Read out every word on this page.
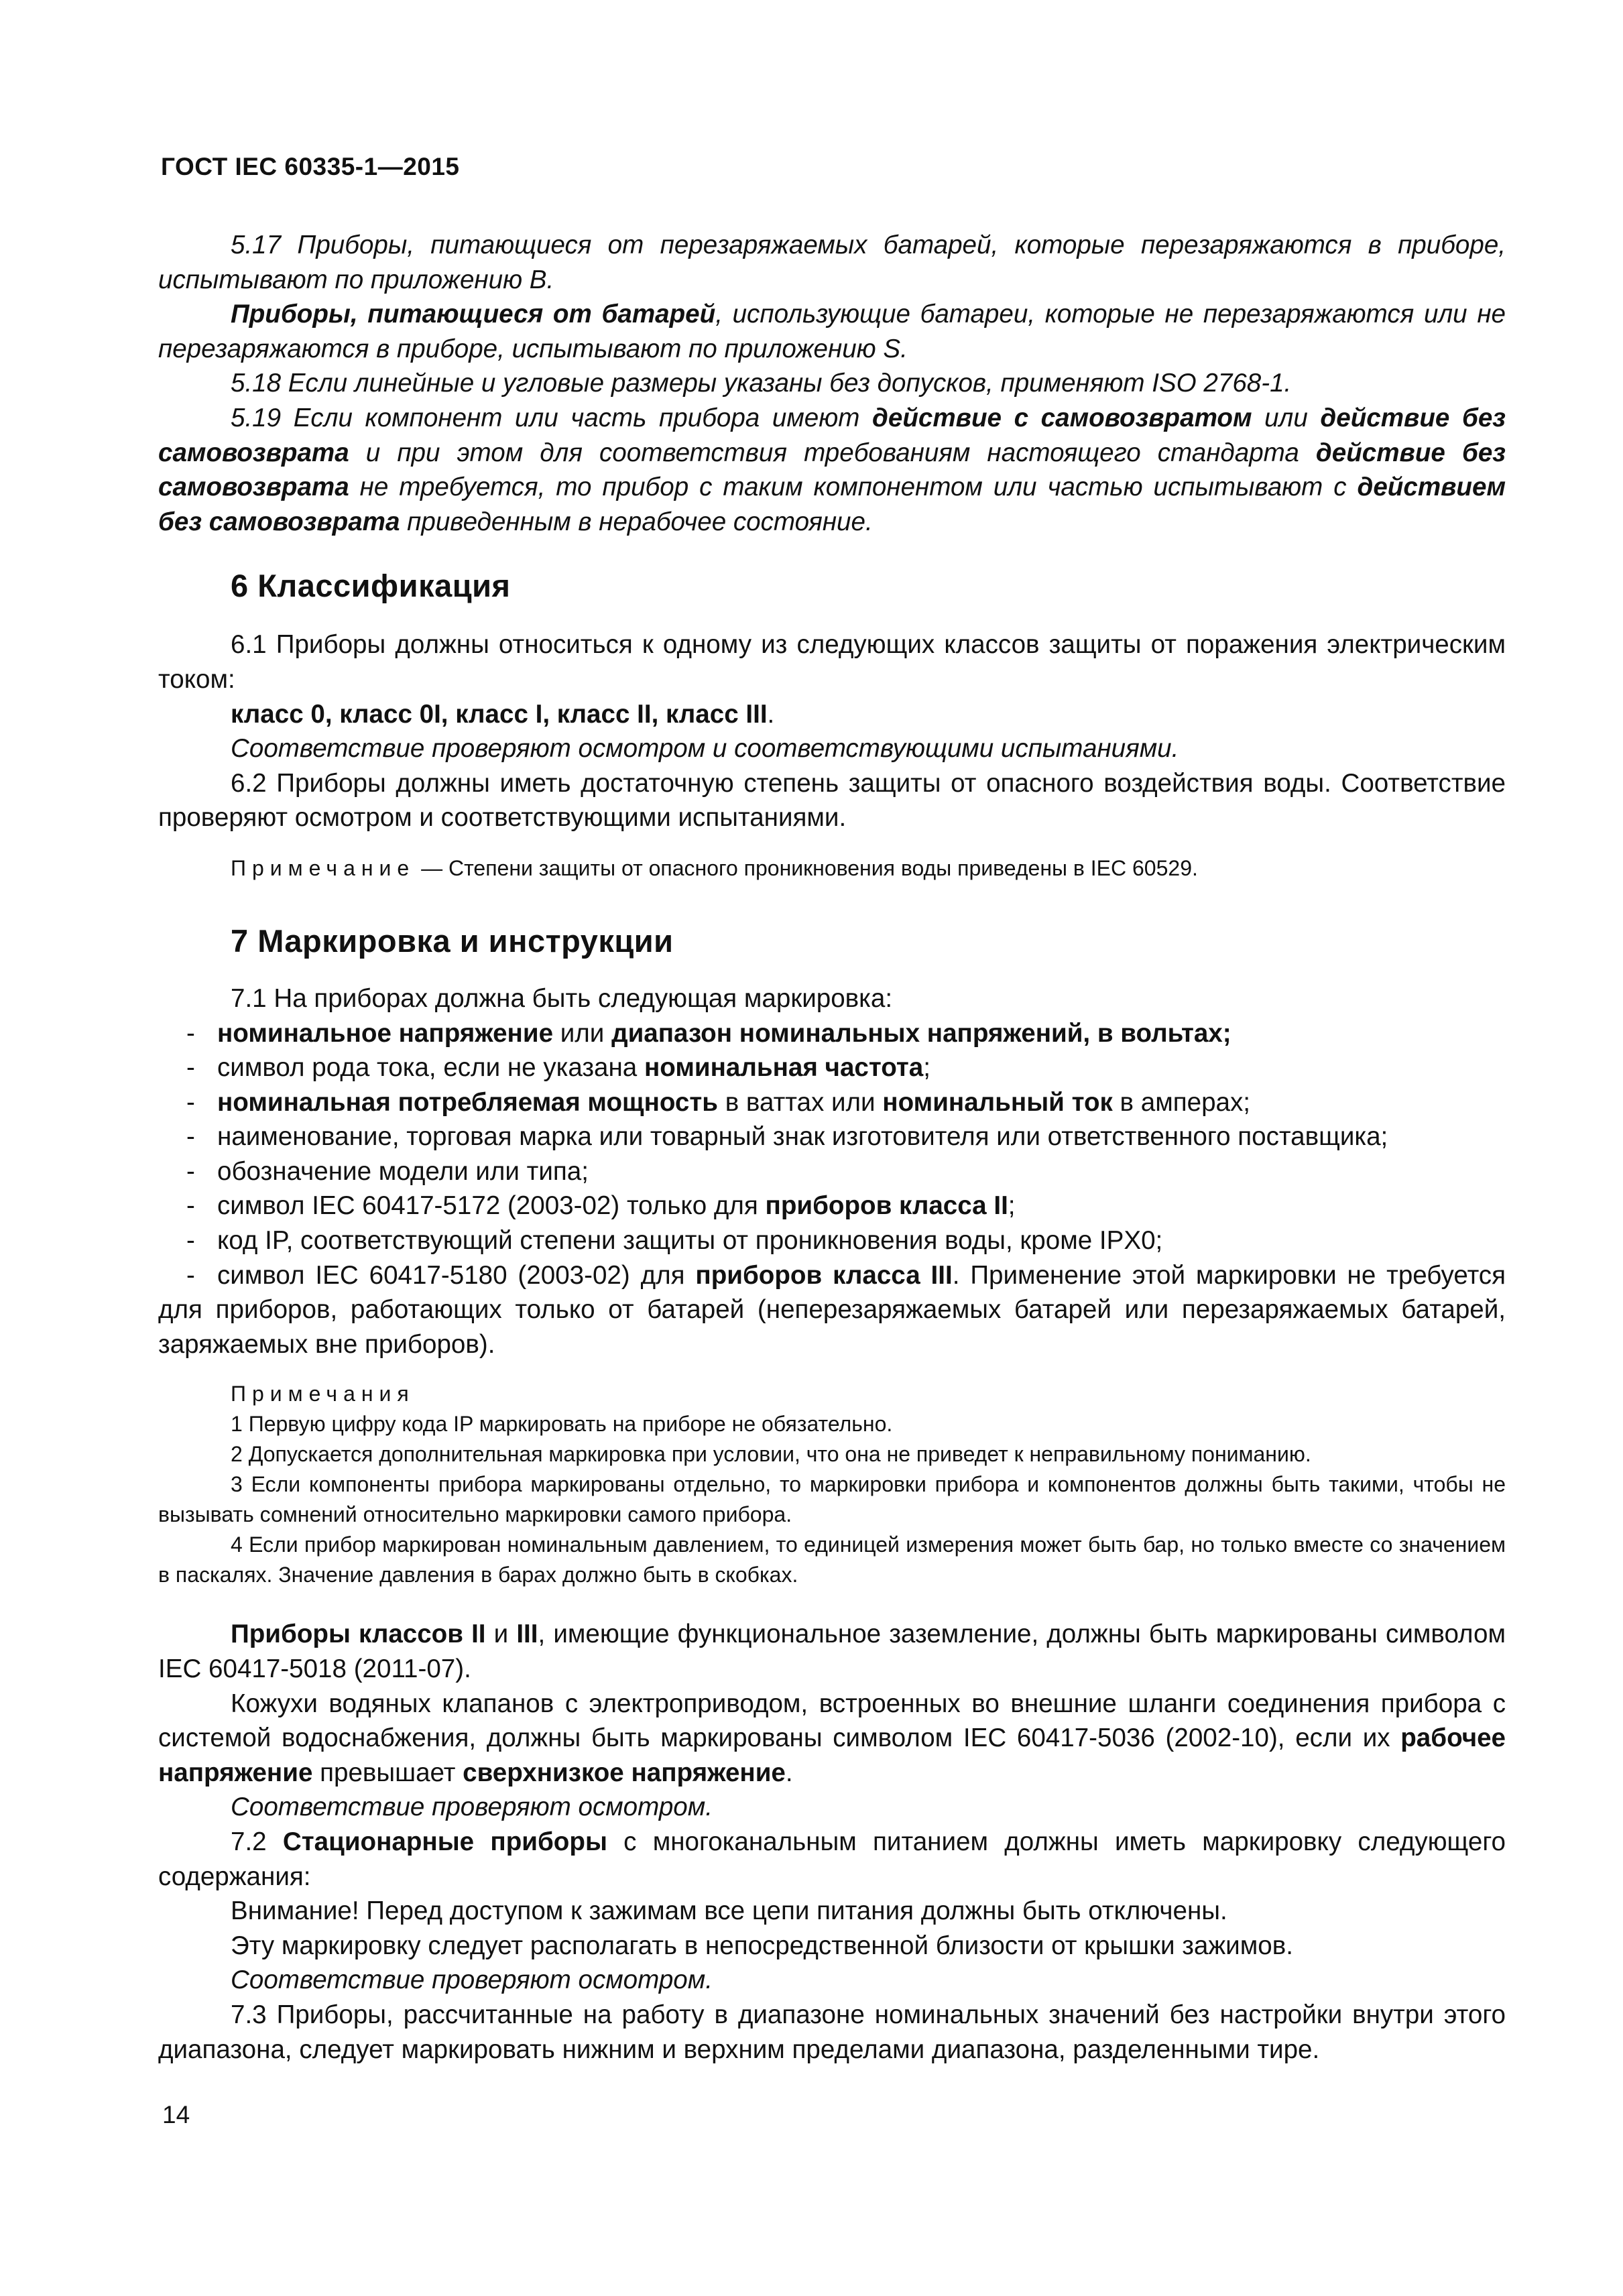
ГОСТ IEC 60335-1—2015

5.17 Приборы, питающиеся от перезаряжаемых батарей, которые перезаряжаются в приборе, испытывают по приложению В.

Приборы, питающиеся от батарей, использующие батареи, которые не перезаряжаются или не перезаряжаются в приборе, испытывают по приложению S.

5.18 Если линейные и угловые размеры указаны без допусков, применяют ISO 2768-1.

5.19 Если компонент или часть прибора имеют действие с самовозвратом или действие без самовозврата и при этом для соответствия требованиям настоящего стандарта действие без самовозврата не требуется, то прибор с таким компонентом или частью испытывают с действием без самовозврата приведенным в нерабочее состояние.

6 Классификация

6.1 Приборы должны относиться к одному из следующих классов защиты от поражения электрическим током:

класс 0, класс 0I, класс I, класс II, класс III.

Соответствие проверяют осмотром и соответствующими испытаниями.

6.2 Приборы должны иметь достаточную степень защиты от опасного воздействия воды. Соответствие проверяют осмотром и соответствующими испытаниями.

Примечание — Степени защиты от опасного проникновения воды приведены в IEC 60529.
7 Маркировка и инструкции

7.1 На приборах должна быть следующая маркировка:

- номинальное напряжение или диапазон номинальных напряжений, в вольтах;
- символ рода тока, если не указана номинальная частота;
- номинальная потребляемая мощность в ваттах или номинальный ток в амперах;
- наименование, торговая марка или товарный знак изготовителя или ответственного поставщика;
- обозначение модели или типа;
- символ IEC 60417-5172 (2003-02) только для приборов класса II;
- код IP, соответствующий степени защиты от проникновения воды, кроме IPX0;
- символ IEC 60417-5180 (2003-02) для приборов класса III. Применение этой маркировки не требуется для приборов, работающих только от батарей (неперезаряжаемых батарей или перезаряжаемых батарей, заряжаемых вне приборов).

Примечания

1 Первую цифру кода IP маркировать на приборе не обязательно.

2 Допускается дополнительная маркировка при условии, что она не приведет к неправильному пониманию.

3 Если компоненты прибора маркированы отдельно, то маркировки прибора и компонентов должны быть такими, чтобы не вызывать сомнений относительно маркировки самого прибора.

4 Если прибор маркирован номинальным давлением, то единицей измерения может быть бар, но только вместе со значением в паскалях. Значение давления в барах должно быть в скобках.

Приборы классов II и III, имеющие функциональное заземление, должны быть маркированы символом IEC 60417-5018 (2011-07).

Кожухи водяных клапанов с электроприводом, встроенных во внешние шланги соединения прибора с системой водоснабжения, должны быть маркированы символом IEC 60417-5036 (2002-10), если их рабочее напряжение превышает сверхнизкое напряжение.

Соответствие проверяют осмотром.

7.2 Стационарные приборы с многоканальным питанием должны иметь маркировку следующего содержания:

Внимание! Перед доступом к зажимам все цепи питания должны быть отключены.

Эту маркировку следует располагать в непосредственной близости от крышки зажимов.

Соответствие проверяют осмотром.

7.3 Приборы, рассчитанные на работу в диапазоне номинальных значений без настройки внутри этого диапазона, следует маркировать нижним и верхним пределами диапазона, разделенными тире.

14
